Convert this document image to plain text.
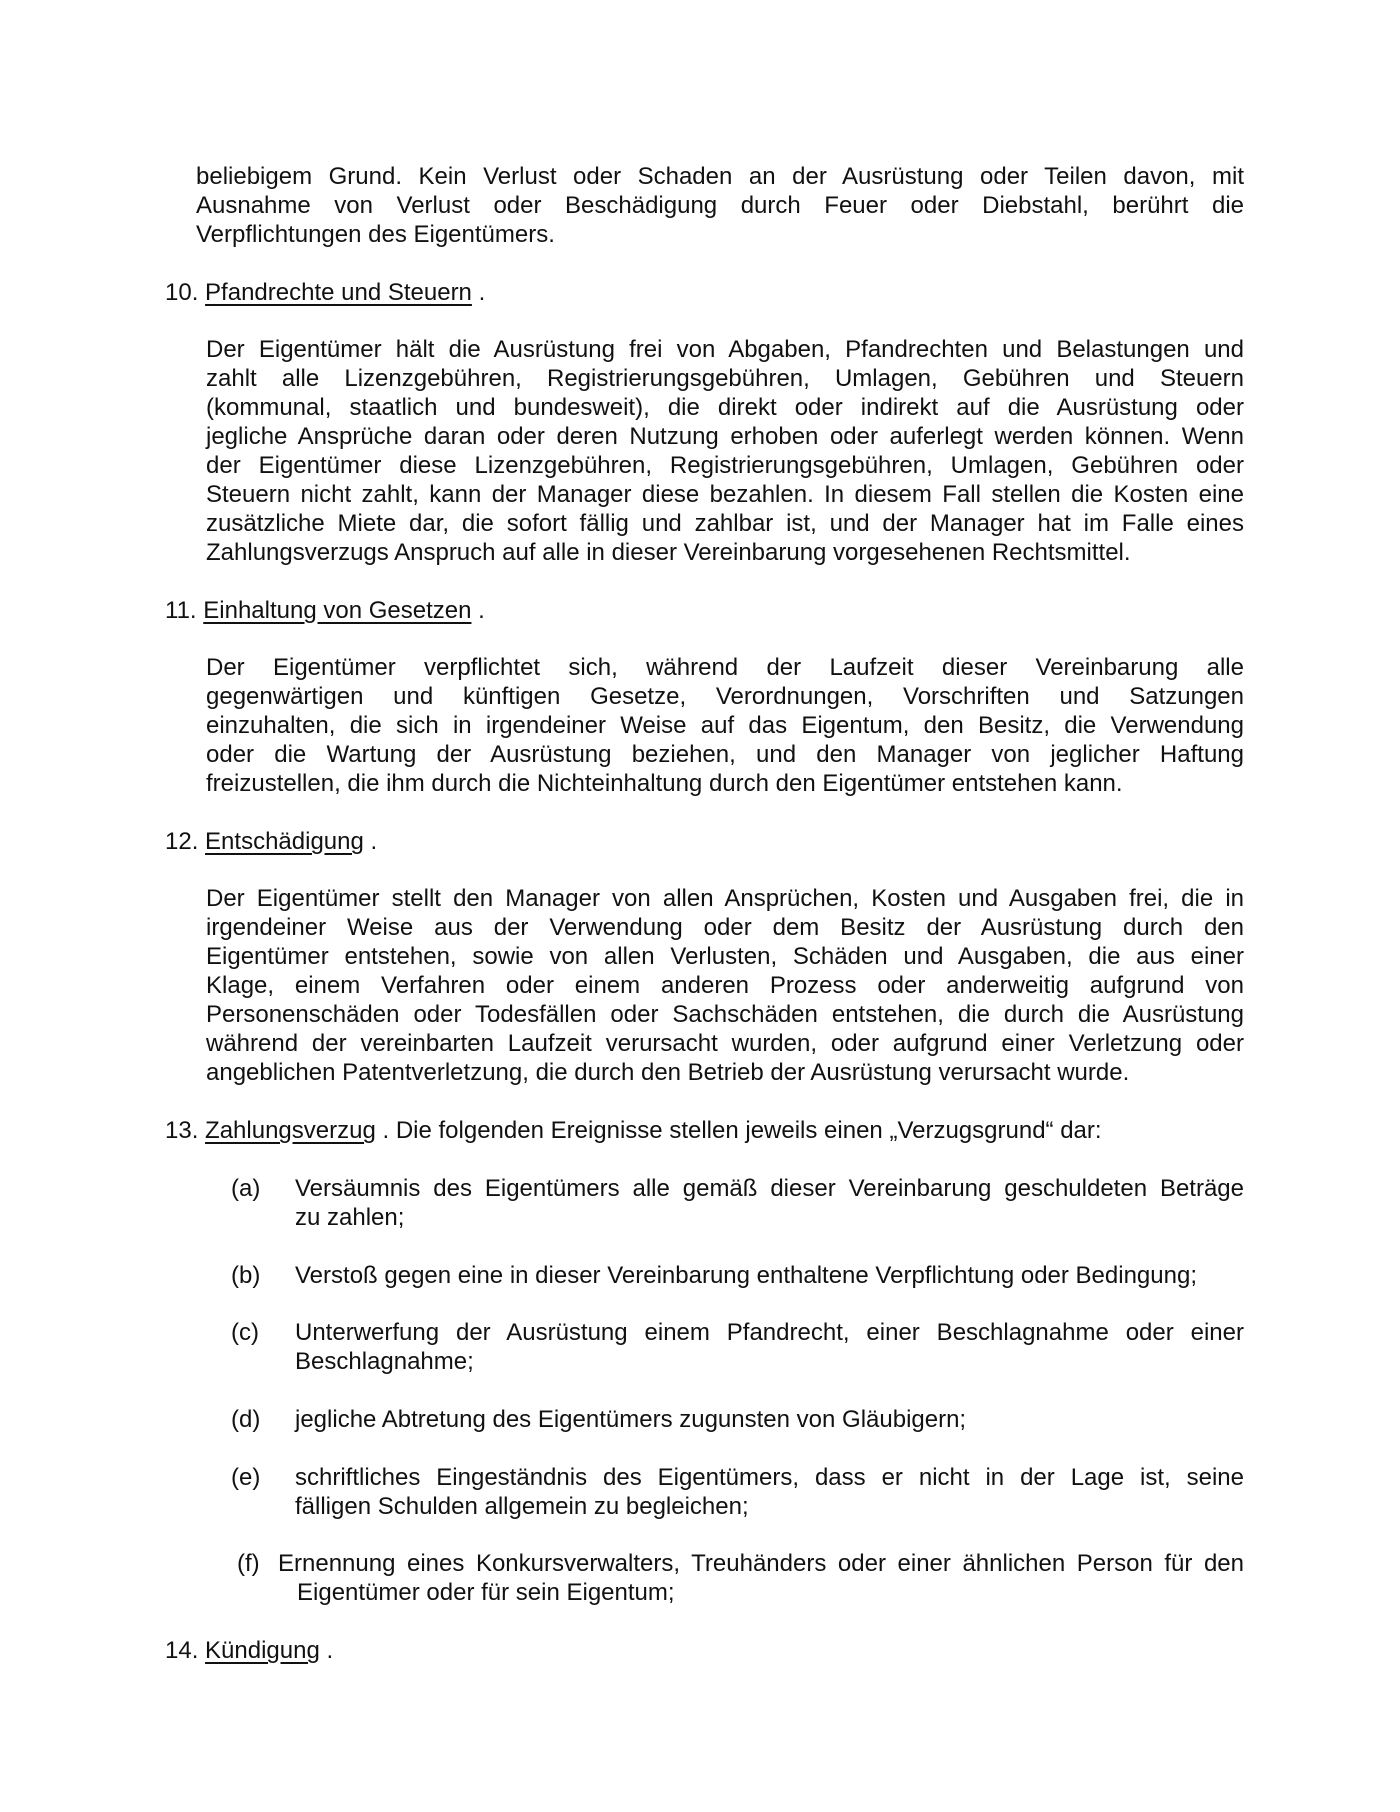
beliebigem Grund. Kein Verlust oder Schaden an der Ausrüstung oder Teilen davon, mit

Ausnahme von Verlust oder Beschädigung durch Feuer oder Diebstahl, berührt die

Verpflichtungen des Eigentümers.

10. Pfandrechte und Steuern .

Der Eigentümer hält die Ausrüstung frei von Abgaben, Pfandrechten und Belastungen und

zahlt alle Lizenzgebühren, Registrierungsgebühren, Umlagen, Gebühren und Steuern

(kommunal, staatlich und bundesweit), die direkt oder indirekt auf die Ausrüstung oder

jegliche Ansprüche daran oder deren Nutzung erhoben oder auferlegt werden können. Wenn

der Eigentümer diese Lizenzgebühren, Registrierungsgebühren, Umlagen, Gebühren oder

Steuern nicht zahlt, kann der Manager diese bezahlen. In diesem Fall stellen die Kosten eine

zusätzliche Miete dar, die sofort fällig und zahlbar ist, und der Manager hat im Falle eines

Zahlungsverzugs Anspruch auf alle in dieser Vereinbarung vorgesehenen Rechtsmittel.

11. Einhaltung von Gesetzen .

Der Eigentümer verpflichtet sich, während der Laufzeit dieser Vereinbarung alle

gegenwärtigen und künftigen Gesetze, Verordnungen, Vorschriften und Satzungen

einzuhalten, die sich in irgendeiner Weise auf das Eigentum, den Besitz, die Verwendung

oder die Wartung der Ausrüstung beziehen, und den Manager von jeglicher Haftung

freizustellen, die ihm durch die Nichteinhaltung durch den Eigentümer entstehen kann.

12. Entschädigung .

Der Eigentümer stellt den Manager von allen Ansprüchen, Kosten und Ausgaben frei, die in

irgendeiner Weise aus der Verwendung oder dem Besitz der Ausrüstung durch den

Eigentümer entstehen, sowie von allen Verlusten, Schäden und Ausgaben, die aus einer

Klage, einem Verfahren oder einem anderen Prozess oder anderweitig aufgrund von

Personenschäden oder Todesfällen oder Sachschäden entstehen, die durch die Ausrüstung

während der vereinbarten Laufzeit verursacht wurden, oder aufgrund einer Verletzung oder

angeblichen Patentverletzung, die durch den Betrieb der Ausrüstung verursacht wurde.

13. Zahlungsverzug . Die folgenden Ereignisse stellen jeweils einen „Verzugsgrund“ dar:
(a) Versäumnis des Eigentümers alle gemäß dieser Vereinbarung geschuldeten Beträge

zu zahlen;

(b) Verstoß gegen eine in dieser Vereinbarung enthaltene Verpflichtung oder Bedingung;

(c) Unterwerfung der Ausrüstung einem Pfandrecht, einer Beschlagnahme oder einer

Beschlagnahme;

(d) jegliche Abtretung des Eigentümers zugunsten von Gläubigern;

(e) schriftliches Eingeständnis des Eigentümers, dass er nicht in der Lage ist, seine

fälligen Schulden allgemein zu begleichen;

(f) Ernennung eines Konkursverwalters, Treuhänders oder einer ähnlichen Person für den

Eigentümer oder für sein Eigentum;

14. Kündigung .
